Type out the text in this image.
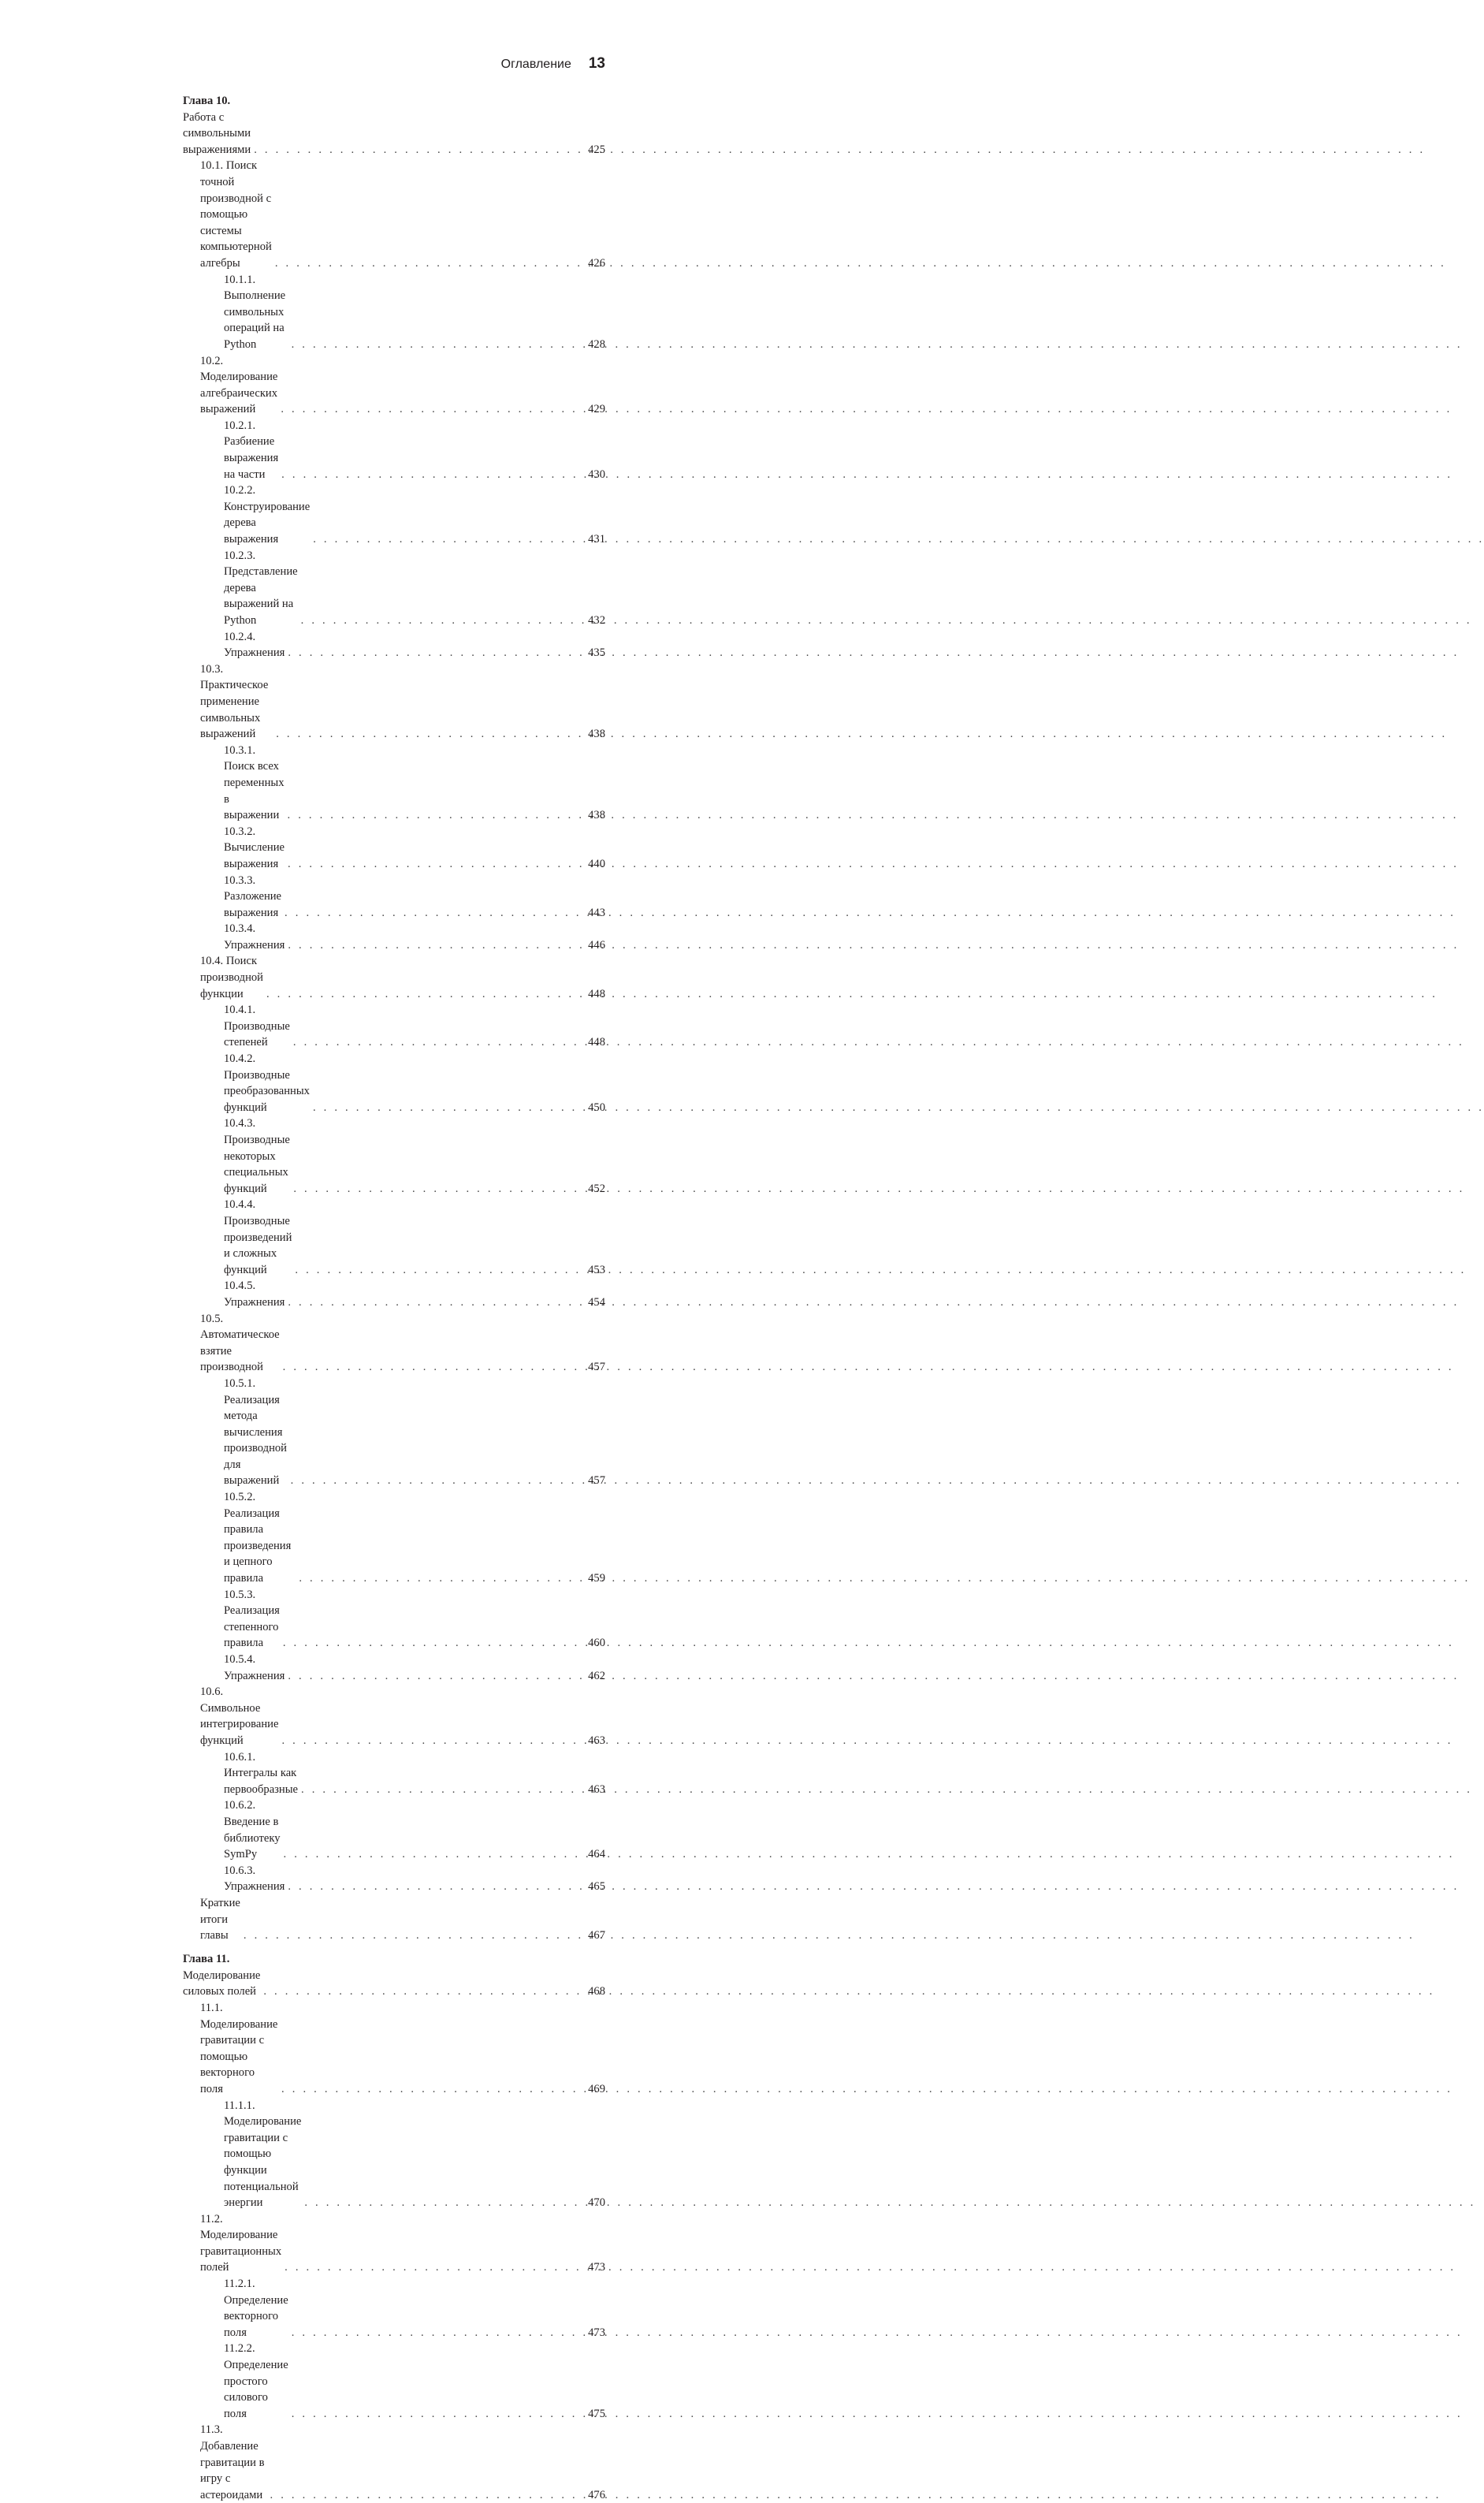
Оглавление 13
Глава 10. Работа с символьными выражениями . . .	425
10.1. Поиск точной производной с помощью системы
компьютерной алгебры . . .	426
10.1.1. Выполнение символьных операций на Python . . .	428
10.2. Моделирование алгебраических выражений . . .	429
10.2.1. Разбиение выражения на части . . .	430
10.2.2. Конструирование дерева выражения . . .	431
10.2.3. Представление дерева выражений на Python . . .	432
10.2.4. Упражнения . . .	435
10.3. Практическое применение символьных выражений . . .	438
10.3.1. Поиск всех переменных в выражении . . .	438
10.3.2. Вычисление выражения . . .	440
10.3.3. Разложение выражения . . .	443
10.3.4. Упражнения . . .	446
10.4. Поиск производной функции . . .	448
10.4.1. Производные степеней . . .	448
10.4.2. Производные преобразованных функций . . .	450
10.4.3. Производные некоторых специальных функций . . .	452
10.4.4. Производные произведений и сложных функций . . .	453
10.4.5. Упражнения . . .	454
10.5. Автоматическое взятие производной . . .	457
10.5.1. Реализация метода вычисления производной
для выражений . . .	457
10.5.2. Реализация правила произведения и цепного правила . . .	459
10.5.3. Реализация степенного правила . . .	460
10.5.4. Упражнения . . .	462
10.6. Символьное интегрирование функций . . .	463
10.6.1. Интегралы как первообразные . . .	463
10.6.2. Введение в библиотеку SymPy . . .	464
10.6.3. Упражнения . . .	465
Краткие итоги главы . . .	467
Глава 11. Моделирование силовых полей . . .	468
11.1. Моделирование гравитации с помощью векторного поля . . .	469
11.1.1. Моделирование гравитации с помощью функции
потенциальной энергии . . .	470
11.2. Моделирование гравитационных полей . . .	473
11.2.1. Определение векторного поля . . .	473
11.2.2. Определение простого силового поля . . .	475
11.3. Добавление гравитации в игру с астероидами . . .	476
